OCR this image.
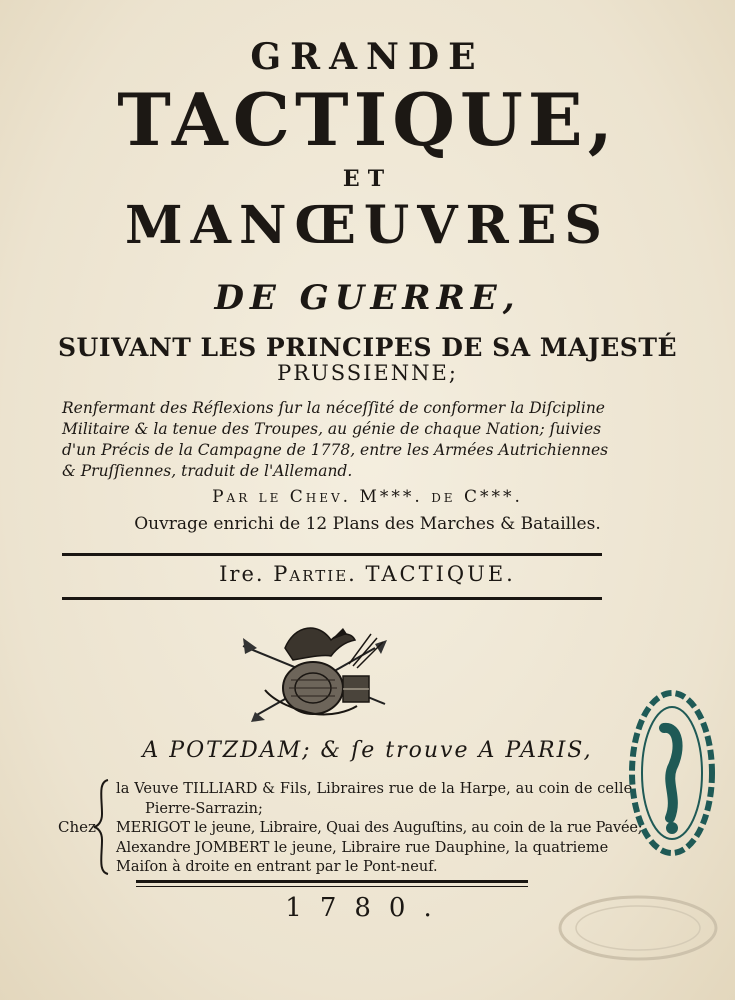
GRANDE
TACTIQUE,
ET
MANŒUVRES
DE GUERRE,
SUIVANT LES PRINCIPES DE SA MAJESTÉ
PRUSSIENNE;
Renfermant des Réflexions ſur la néceſſité de conformer la Diſcipline
Militaire & la tenue des Troupes, au génie de chaque Nation; ſuivies
d'un Précis de la Campagne de 1778, entre les Armées Autrichiennes
& Pruſſiennes, traduit de l'Allemand.
Par le Chev. M***. de C***.
Ouvrage enrichi de 12 Plans des Marches & Batailles.
Ire. Partie. TACTIQUE.
A POTZDAM; & ſe trouve A PARIS,
Chez
la Veuve TILLIARD & Fils, Libraires rue de la Harpe, au coin de celle
Pierre-Sarrazin;
MERIGOT le jeune, Libraire, Quai des Auguſtins, au coin de la rue Pavée;
Alexandre JOMBERT le jeune, Libraire rue Dauphine, la quatrieme
Maiſon à droite en entrant par le Pont-neuf.
1780.
